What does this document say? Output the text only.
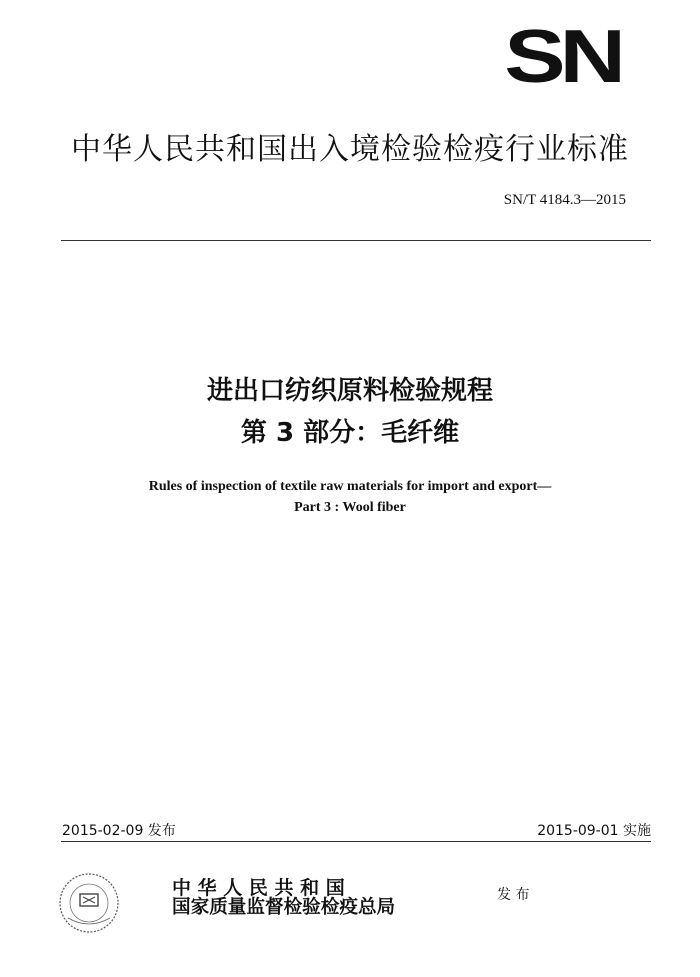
SN
中华人民共和国出入境检验检疫行业标准
SN/T 4184.3—2015
进出口纺织原料检验规程
第 3 部分：毛纤维
Rules of inspection of textile raw materials for import and export—
Part 3 : Wool fiber
2015-02-09 发布	2015-09-01 实施
中 华 人 民 共 和 国
国家质量监督检验检疫总局
发 布
